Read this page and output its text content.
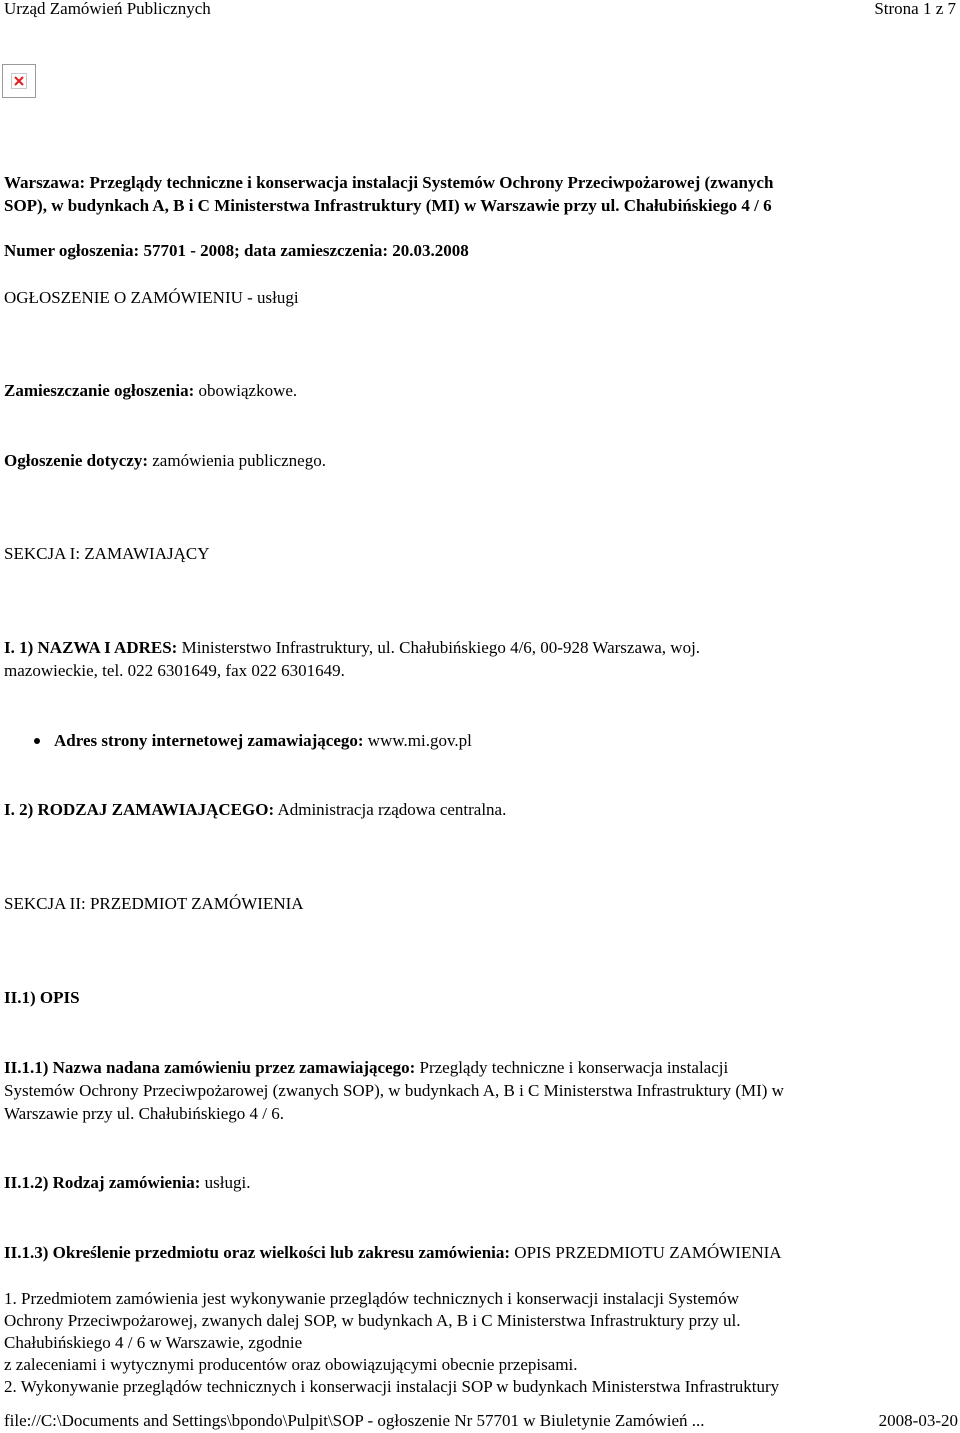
Urząd Zamówień Publicznych	Strona 1 z 7
Warszawa: Przeglądy techniczne i konserwacja instalacji Systemów Ochrony Przeciwpożarowej (zwanych
SOP), w budynkach A, B i C Ministerstwa Infrastruktury (MI) w Warszawie przy ul. Chałubińskiego 4 / 6
Numer ogłoszenia: 57701 - 2008; data zamieszczenia: 20.03.2008
OGŁOSZENIE O ZAMÓWIENIU - usługi
Zamieszczanie ogłoszenia: obowiązkowe.
Ogłoszenie dotyczy: zamówienia publicznego.
SEKCJA I: ZAMAWIAJĄCY
I. 1) NAZWA I ADRES: Ministerstwo Infrastruktury, ul. Chałubińskiego 4/6, 00-928 Warszawa, woj.
mazowieckie, tel. 022 6301649, fax 022 6301649.
Adres strony internetowej zamawiającego: www.mi.gov.pl
I. 2) RODZAJ ZAMAWIAJĄCEGO: Administracja rządowa centralna.
SEKCJA II: PRZEDMIOT ZAMÓWIENIA
II.1) OPIS
II.1.1) Nazwa nadana zamówieniu przez zamawiającego: Przeglądy techniczne i konserwacja instalacji
Systemów Ochrony Przeciwpożarowej (zwanych SOP), w budynkach A, B i C Ministerstwa Infrastruktury (MI) w
Warszawie przy ul. Chałubińskiego 4 / 6.
II.1.2) Rodzaj zamówienia: usługi.
II.1.3) Określenie przedmiotu oraz wielkości lub zakresu zamówienia: OPIS PRZEDMIOTU ZAMÓWIENIA
1. Przedmiotem zamówienia jest wykonywanie przeglądów technicznych i konserwacji instalacji Systemów
Ochrony Przeciwpożarowej, zwanych dalej SOP, w budynkach A, B i C Ministerstwa Infrastruktury przy ul.
Chałubińskiego 4 / 6 w Warszawie, zgodnie
z zaleceniami i wytycznymi producentów oraz obowiązującymi obecnie przepisami.
2. Wykonywanie przeglądów technicznych i konserwacji instalacji SOP w budynkach Ministerstwa Infrastruktury
file://C:\Documents and Settings\bpondo\Pulpit\SOP - ogłoszenie Nr 57701 w Biuletynie Zamówień ...	2008-03-20
